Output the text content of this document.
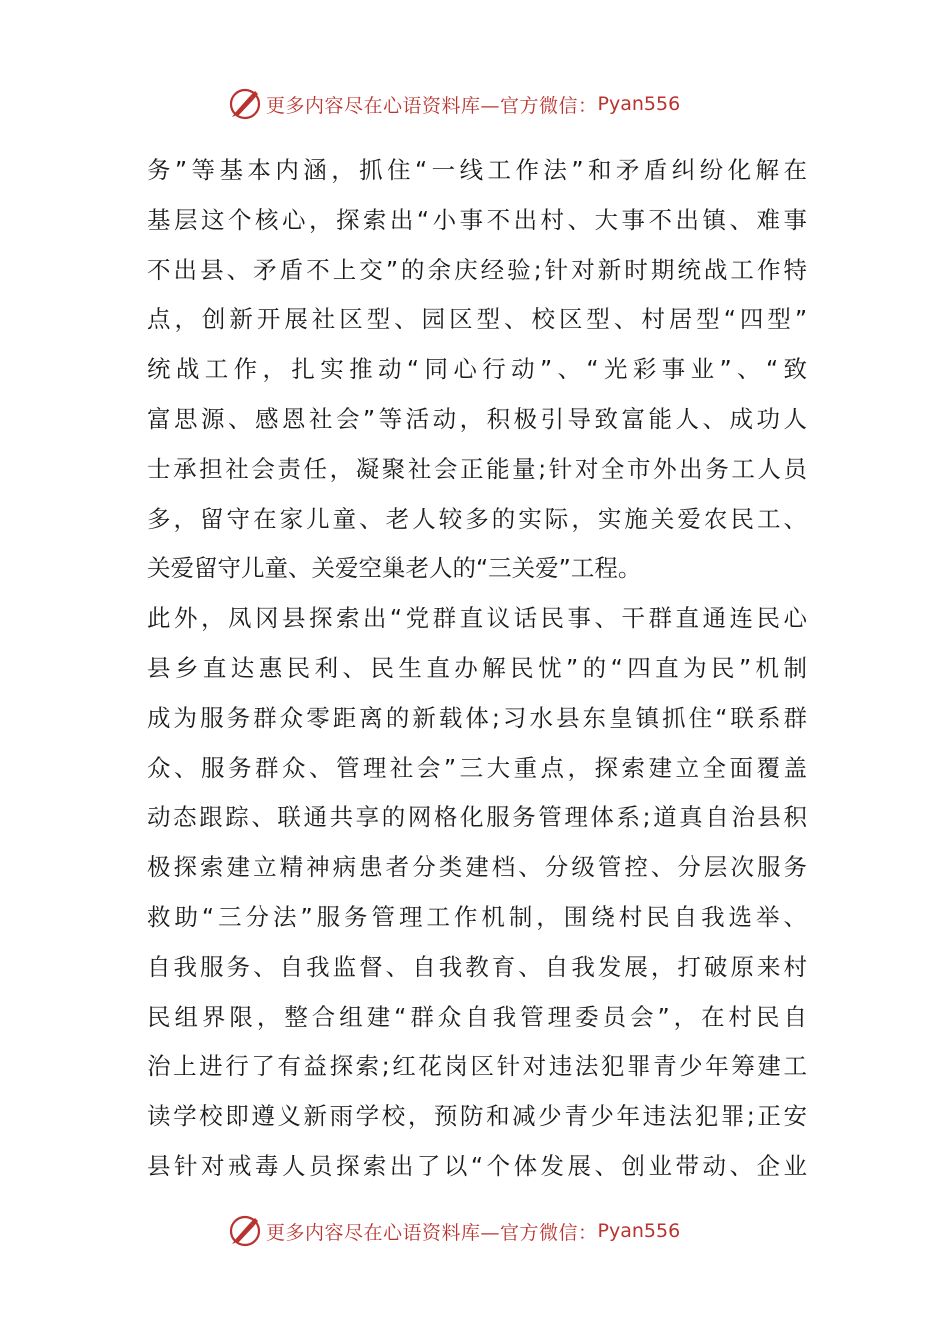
更多内容尽在心语资料库—官方微信： Pyan556
务”等基本内涵，抓住“一线工作法”和矛盾纠纷化解在
基层这个核心，探索出“小事不出村、大事不出镇、难事
不出县、矛盾不上交”的余庆经验;针对新时期统战工作特
点，创新开展社区型、园区型、校区型、村居型“四型”
统战工作，扎实推动“同心行动”、“光彩事业”、“致
富思源、感恩社会”等活动，积极引导致富能人、成功人
士承担社会责任，凝聚社会正能量;针对全市外出务工人员
多，留守在家儿童、老人较多的实际，实施关爱农民工、
关爱留守儿童、关爱空巢老人的“三关爱”工程。
此外，凤冈县探索出“党群直议话民事、干群直通连民心
县乡直达惠民利、民生直办解民忧”的“四直为民”机制
成为服务群众零距离的新载体;习水县东皇镇抓住“联系群
众、服务群众、管理社会”三大重点，探索建立全面覆盖
动态跟踪、联通共享的网格化服务管理体系;道真自治县积
极探索建立精神病患者分类建档、分级管控、分层次服务
救助“三分法”服务管理工作机制，围绕村民自我选举、
自我服务、自我监督、自我教育、自我发展，打破原来村
民组界限，整合组建“群众自我管理委员会”，在村民自
治上进行了有益探索;红花岗区针对违法犯罪青少年筹建工
读学校即遵义新雨学校，预防和减少青少年违法犯罪;正安
县针对戒毒人员探索出了以“个体发展、创业带动、企业
更多内容尽在心语资料库—官方微信： Pyan556
